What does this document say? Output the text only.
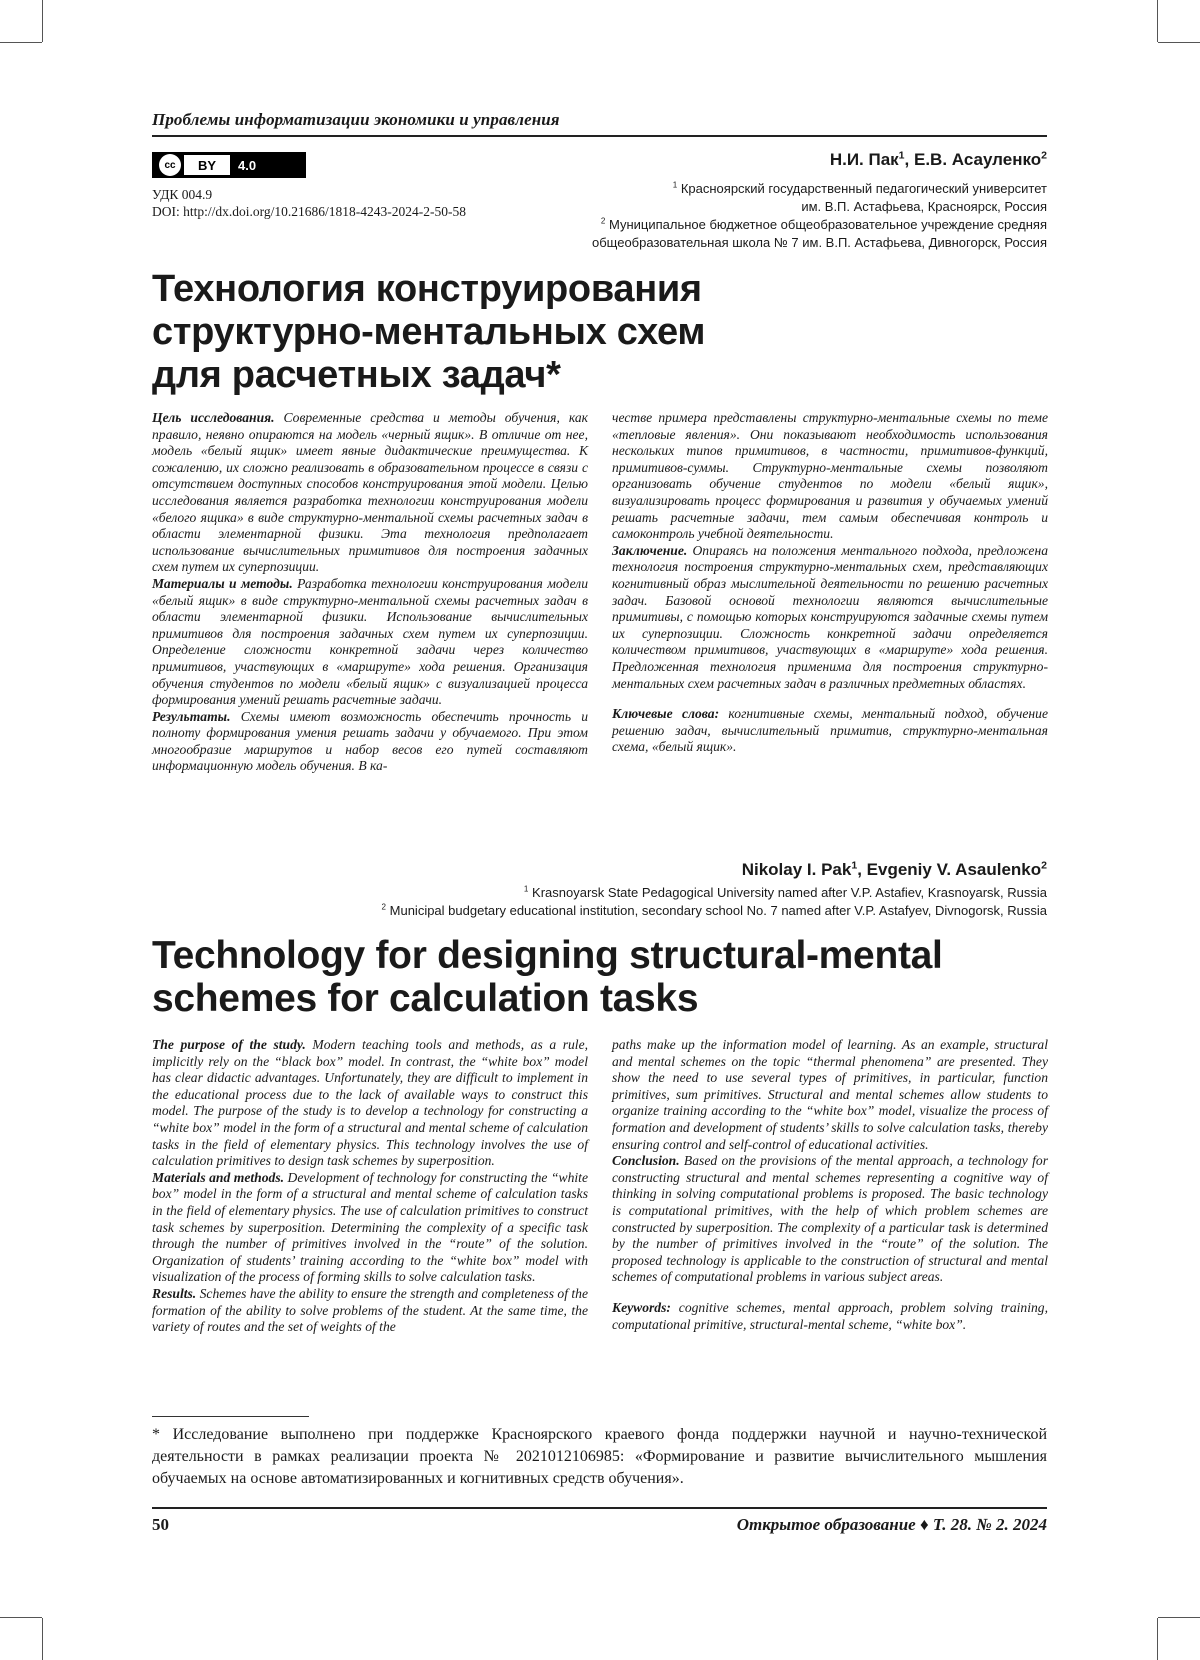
Проблемы информатизации экономики и управления
cc	BY	4.0
УДК 004.9
DOI: http://dx.doi.org/10.21686/1818-4243-2024-2-50-58
Н.И. Пак$^1$, Е.В. Асауленко$^2$
$^1$ Красноярский государственный педагогический университет
им. В.П. Астафьева, Красноярск, Россия
$^2$ Муниципальное бюджетное общеобразовательное учреждение средняя
общеобразовательная школа № 7 им. В.П. Астафьева, Дивногорск, Россия
Технология конструирования
структурно-ментальных схем
для расчетных задач*

Цель исследования. Современные средства и методы обучения, как правило, неявно опираются на модель «черный ящик». В отличие от нее, модель «белый ящик» имеет явные дидактические преимущества. К сожалению, их сложно реализовать в образовательном процессе в связи с отсутствием доступных способов конструирования этой модели. Целью исследования является разработка технологии конструирования модели «белого ящика» в виде структурно-ментальной схемы расчетных задач в области элементарной физики. Эта технология предполагает использование вычислительных примитивов для построения задачных схем путем их суперпозиции.

Материалы и методы. Разработка технологии конструирования модели «белый ящик» в виде структурно-ментальной схемы расчетных задач в области элементарной физики. Использование вычислительных примитивов для построения задачных схем путем их суперпозиции. Определение сложности конкретной задачи через количество примитивов, участвующих в «маршруте» хода решения. Организация обучения студентов по модели «белый ящик» с визуализацией процесса формирования умений решать расчетные задачи.

Результаты. Схемы имеют возможность обеспечить прочность и полноту формирования умения решать задачи у обучаемого. При этом многообразие маршрутов и набор весов его путей составляют информационную модель обучения. В ка-

честве примера представлены структурно-ментальные схемы по теме «тепловые явления». Они показывают необходимость использования нескольких типов примитивов, в частности, примитивов-функций, примитивов-суммы. Структурно-ментальные схемы позволяют организовать обучение студентов по модели «белый ящик», визуализировать процесс формирования и развития у обучаемых умений решать расчетные задачи, тем самым обеспечивая контроль и самоконтроль учебной деятельности.

Заключение. Опираясь на положения ментального подхода, предложена технология построения структурно-ментальных схем, представляющих когнитивный образ мыслительной деятельности по решению расчетных задач. Базовой основой технологии являются вычислительные примитивы, с помощью которых конструируются задачные схемы путем их суперпозиции. Сложность конкретной задачи определяется количеством примитивов, участвующих в «маршруте» хода решения. Предложенная технология применима для построения структурно-ментальных схем расчетных задач в различных предметных областях.

Ключевые слова: когнитивные схемы, ментальный подход, обучение решению задач, вычислительный примитив, структурно-ментальная схема, «белый ящик».

Nikolay I. Pak$^1$, Evgeniy V. Asaulenko$^2$
$^1$ Krasnoyarsk State Pedagogical University named after V.P. Astafiev, Krasnoyarsk, Russia
$^2$ Municipal budgetary educational institution, secondary school No. 7 named after V.P. Astafyev, Divnogorsk, Russia
Technology for designing structural-mental
schemes for calculation tasks

The purpose of the study. Modern teaching tools and methods, as a rule, implicitly rely on the “black box” model. In contrast, the “white box” model has clear didactic advantages. Unfortunately, they are difficult to implement in the educational process due to the lack of available ways to construct this model. The purpose of the study is to develop a technology for constructing a “white box” model in the form of a structural and mental scheme of calculation tasks in the field of elementary physics. This technology involves the use of calculation primitives to design task schemes by superposition.

Materials and methods. Development of technology for constructing the “white box” model in the form of a structural and mental scheme of calculation tasks in the field of elementary physics. The use of calculation primitives to construct task schemes by superposition. Determining the complexity of a specific task through the number of primitives involved in the “route” of the solution. Organization of students’ training according to the “white box” model with visualization of the process of forming skills to solve calculation tasks.

Results. Schemes have the ability to ensure the strength and completeness of the formation of the ability to solve problems of the student. At the same time, the variety of routes and the set of weights of the

paths make up the information model of learning. As an example, structural and mental schemes on the topic “thermal phenomena” are presented. They show the need to use several types of primitives, in particular, function primitives, sum primitives. Structural and mental schemes allow students to organize training according to the “white box” model, visualize the process of formation and development of students’ skills to solve calculation tasks, thereby ensuring control and self-control of educational activities.

Conclusion. Based on the provisions of the mental approach, a technology for constructing structural and mental schemes representing a cognitive way of thinking in solving computational problems is proposed. The basic technology is computational primitives, with the help of which problem schemes are constructed by superposition. The complexity of a particular task is determined by the number of primitives involved in the “route” of the solution. The proposed technology is applicable to the construction of structural and mental schemes of computational problems in various subject areas.

Keywords: cognitive schemes, mental approach, problem solving training, computational primitive, structural-mental scheme, “white box”.

* Исследование выполнено при поддержке Красноярского краевого фонда поддержки научной и научно-технической деятельности в рамках реализации проекта № 2021012106985: «Формирование и развитие вычислительного мышления обучаемых на основе автоматизированных и когнитивных средств обучения».
50	Открытое образование ♦ Т. 28. № 2. 2024
